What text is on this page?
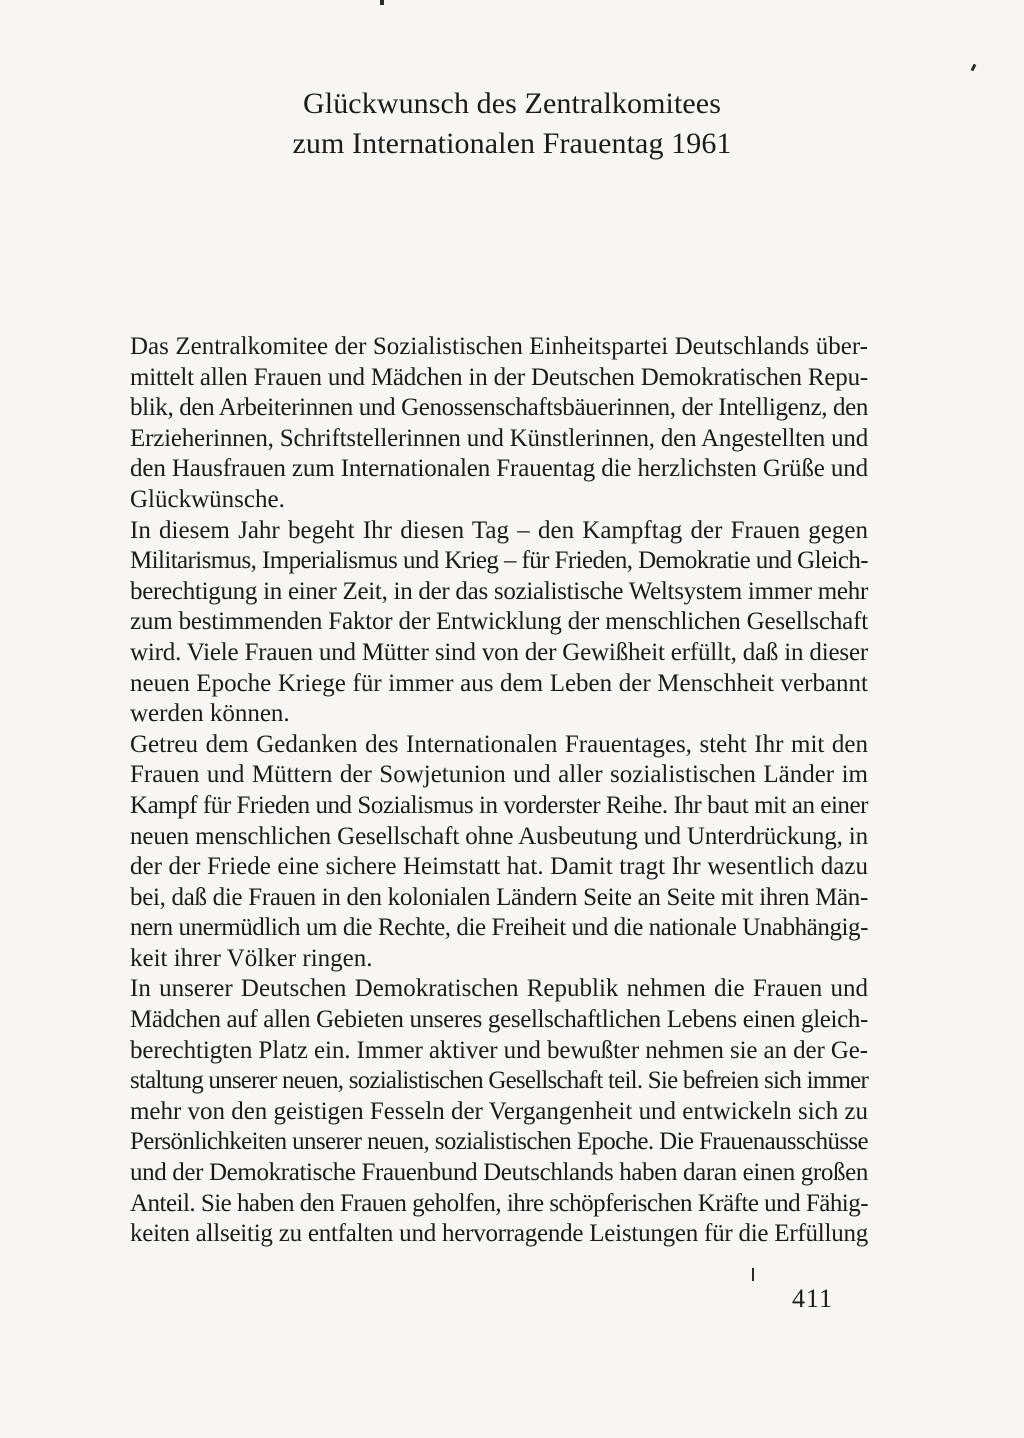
Glückwunsch des Zentralkomitees
zum Internationalen Frauentag 1961

Das Zentralkomitee der Sozialistischen Einheitspartei Deutschlands über-
mittelt allen Frauen und Mädchen in der Deutschen Demokratischen Repu-
blik, den Arbeiterinnen und Genossenschaftsbäuerinnen, der Intelligenz, den
Erzieherinnen, Schriftstellerinnen und Künstlerinnen, den Angestellten und
den Hausfrauen zum Internationalen Frauentag die herzlichsten Grüße und
Glückwünsche.

In diesem Jahr begeht Ihr diesen Tag – den Kampftag der Frauen gegen
Militarismus, Imperialismus und Krieg – für Frieden, Demokratie und Gleich-
berechtigung in einer Zeit, in der das sozialistische Weltsystem immer mehr
zum bestimmenden Faktor der Entwicklung der menschlichen Gesellschaft
wird. Viele Frauen und Mütter sind von der Gewißheit erfüllt, daß in dieser
neuen Epoche Kriege für immer aus dem Leben der Menschheit verbannt
werden können.

Getreu dem Gedanken des Internationalen Frauentages, steht Ihr mit den
Frauen und Müttern der Sowjetunion und aller sozialistischen Länder im
Kampf für Frieden und Sozialismus in vorderster Reihe. Ihr baut mit an einer
neuen menschlichen Gesellschaft ohne Ausbeutung und Unterdrückung, in
der der Friede eine sichere Heimstatt hat. Damit tragt Ihr wesentlich dazu
bei, daß die Frauen in den kolonialen Ländern Seite an Seite mit ihren Män-
nern unermüdlich um die Rechte, die Freiheit und die nationale Unabhängig-
keit ihrer Völker ringen.

In unserer Deutschen Demokratischen Republik nehmen die Frauen und
Mädchen auf allen Gebieten unseres gesellschaftlichen Lebens einen gleich-
berechtigten Platz ein. Immer aktiver und bewußter nehmen sie an der Ge-
staltung unserer neuen, sozialistischen Gesellschaft teil. Sie befreien sich immer
mehr von den geistigen Fesseln der Vergangenheit und entwickeln sich zu
Persönlichkeiten unserer neuen, sozialistischen Epoche. Die Frauenausschüsse
und der Demokratische Frauenbund Deutschlands haben daran einen großen
Anteil. Sie haben den Frauen geholfen, ihre schöpferischen Kräfte und Fähig-
keiten allseitig zu entfalten und hervorragende Leistungen für die Erfüllung

411
